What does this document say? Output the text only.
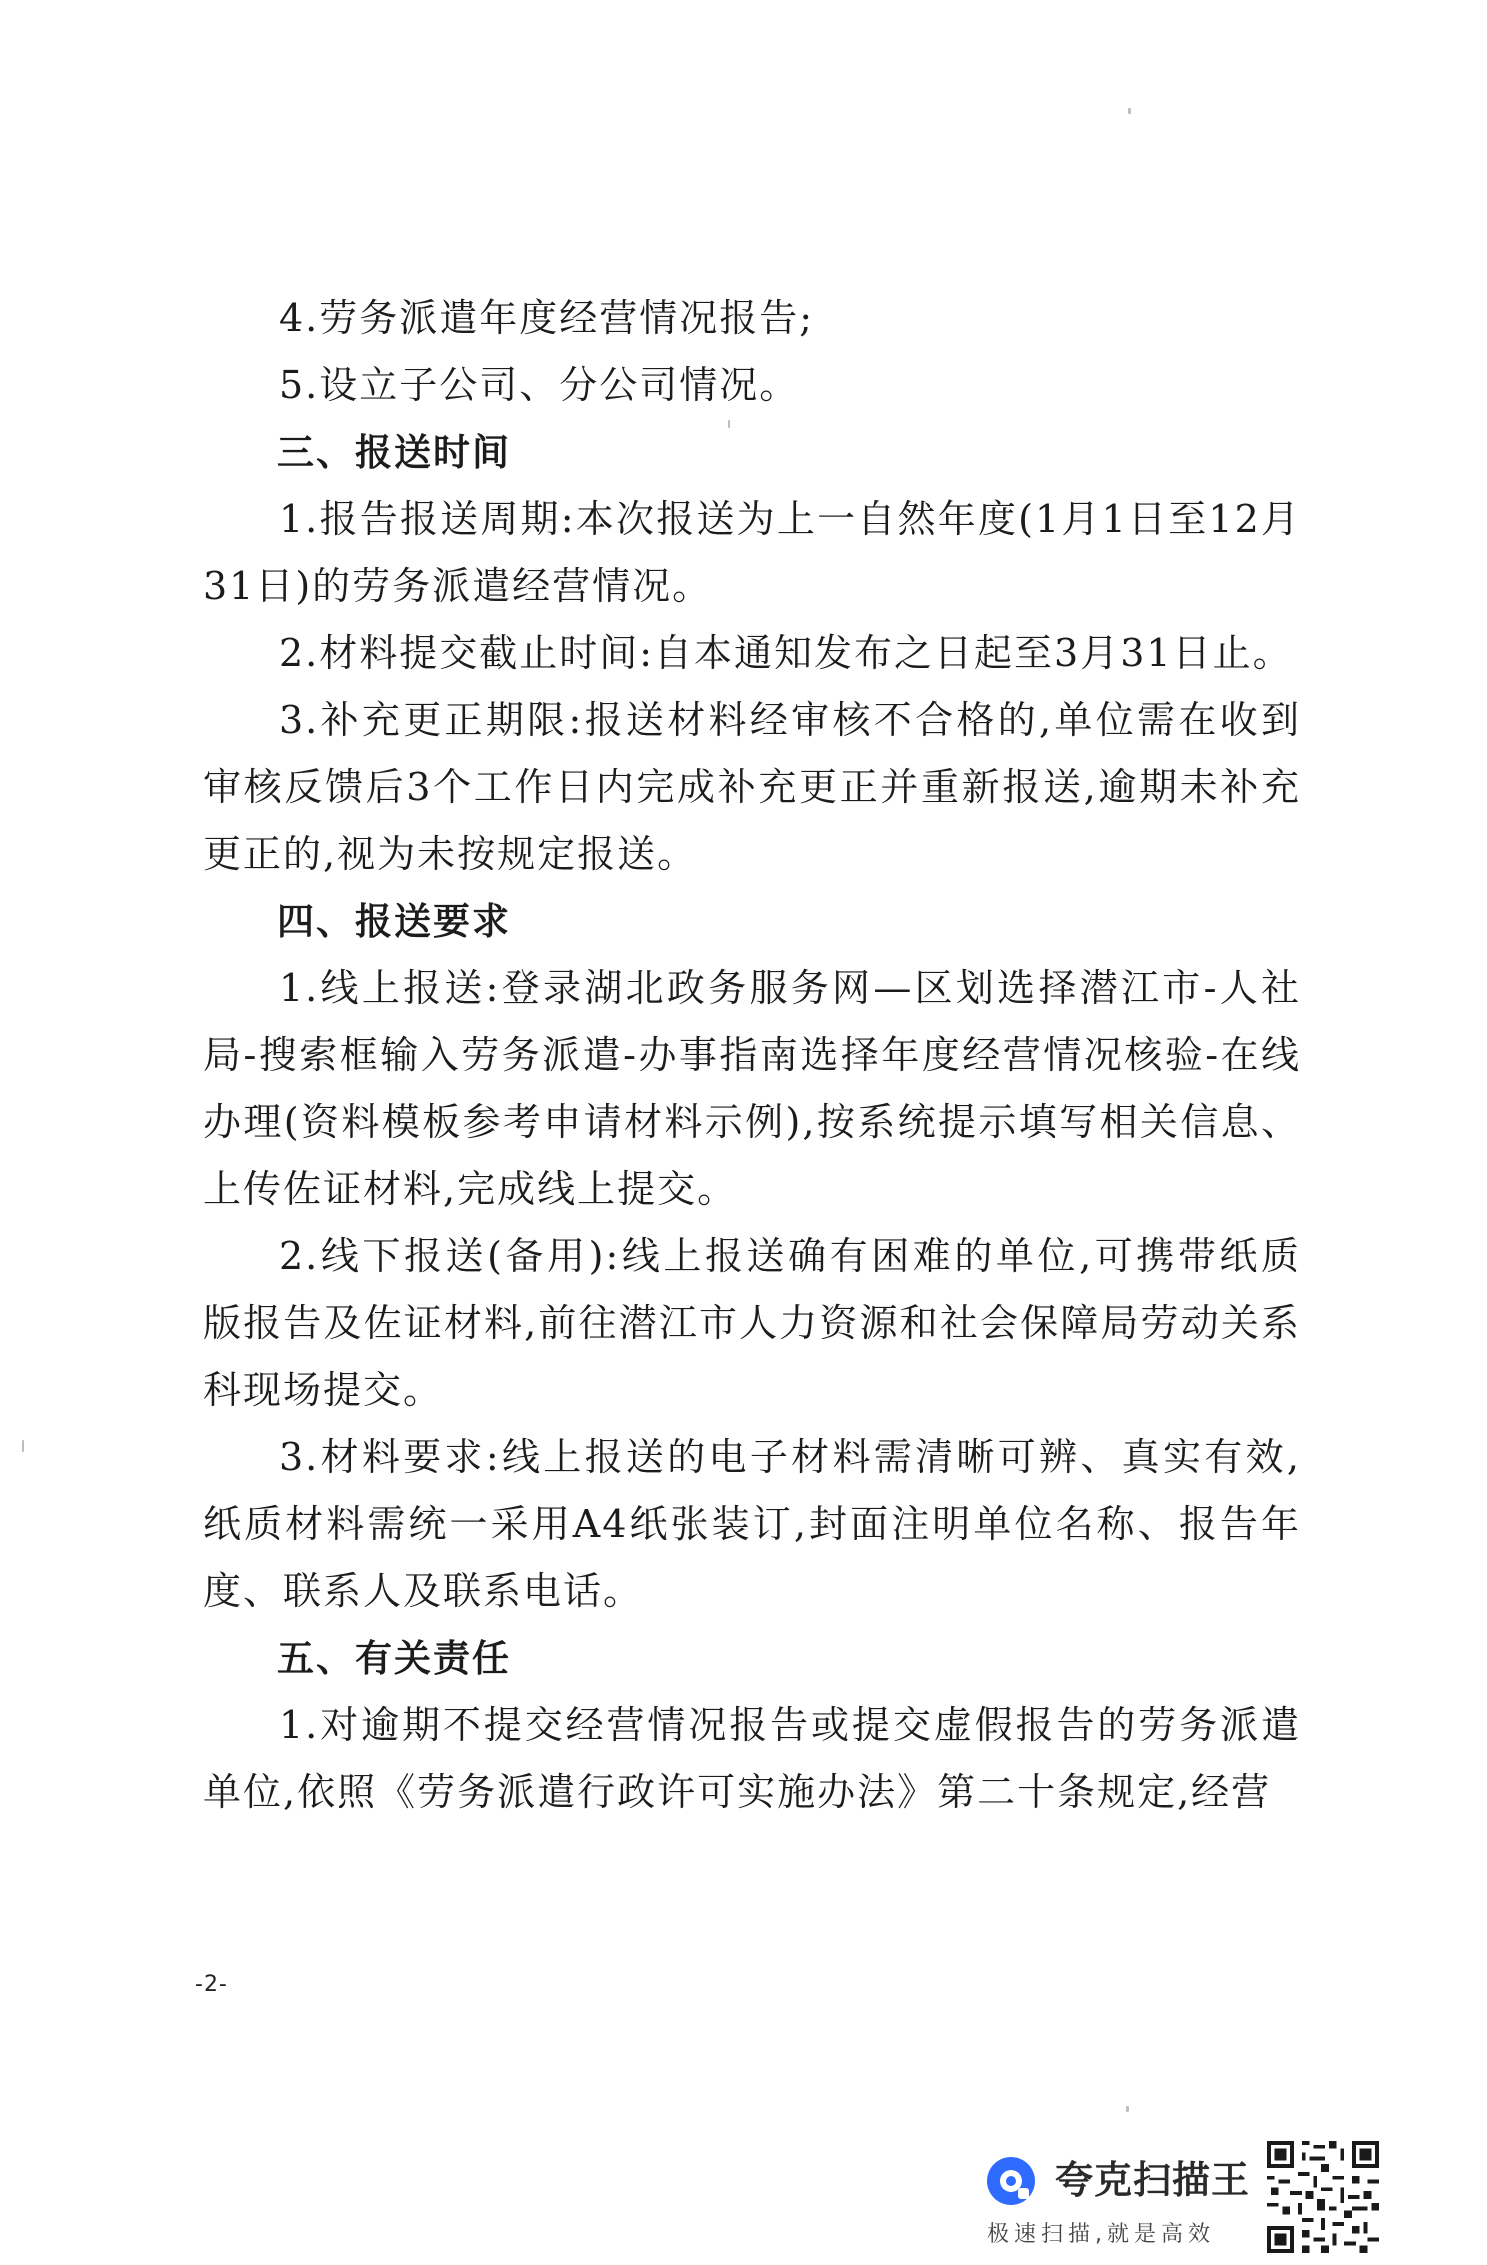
4.劳务派遣年度经营情况报告;

5.设立子公司、分公司情况。

三、报送时间

1.报告报送周期:本次报送为上一自然年度(1月1日至12月31日)的劳务派遣经营情况。

2.材料提交截止时间:自本通知发布之日起至3月31日止。

3.补充更正期限:报送材料经审核不合格的,单位需在收到审核反馈后3个工作日内完成补充更正并重新报送,逾期未补充更正的,视为未按规定报送。

四、报送要求

1.线上报送:登录湖北政务服务网—区划选择潜江市-人社局-搜索框输入劳务派遣-办事指南选择年度经营情况核验-在线办理(资料模板参考申请材料示例),按系统提示填写相关信息、上传佐证材料,完成线上提交。

2.线下报送(备用):线上报送确有困难的单位,可携带纸质版报告及佐证材料,前往潜江市人力资源和社会保障局劳动关系科现场提交。

3.材料要求:线上报送的电子材料需清晰可辨、真实有效,纸质材料需统一采用A4纸张装订,封面注明单位名称、报告年度、联系人及联系电话。

五、有关责任

1.对逾期不提交经营情况报告或提交虚假报告的劳务派遣单位,依照《劳务派遣行政许可实施办法》第二十条规定,经营

-2-
夸克扫描王
极速扫描,就是高效
